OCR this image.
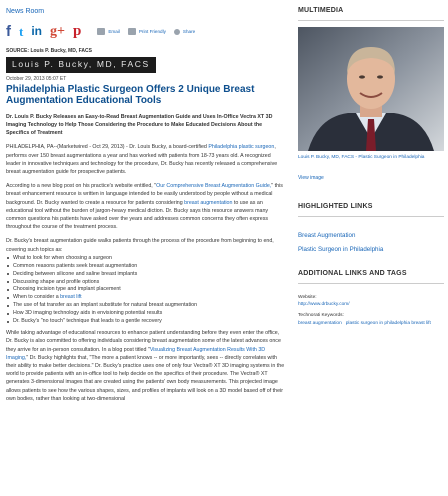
News Room
f t in g+ p	Email	Print Friendly	Share
SOURCE: Louis P. Bucky, MD, FACS
Louis P. Bucky, MD, FACS
October 29, 2013 05:07 ET
Philadelphia Plastic Surgeon Offers 2 Unique Breast Augmentation Educational Tools
Dr. Louis P. Bucky Releases an Easy-to-Read Breast Augmentation Guide and Uses In-Office Vectra XT 3D Imaging Technology to Help Those Considering the Procedure to Make Educated Decisions About the Specifics of Treatment

PHILADELPHIA, PA--(Marketwired - Oct 29, 2013) - Dr. Louis Bucky, a board-certified Philadelphia plastic surgeon, performs over 150 breast augmentations a year and has worked with patients from 18-73 years old. A recognized leader in innovative techniques and technology for the procedure, Dr. Bucky has recently released a comprehensive breast augmentation guide for prospective patients.

According to a new blog post on his practice's website entitled, "Our Comprehensive Breast Augmentation Guide," this breast enhancement resource is written in language intended to be easily understood by people without a medical background. Dr. Bucky wanted to create a resource for patients considering breast augmentation to use as an educational tool without the burden of jargon-heavy medical diction. Dr. Bucky says this resource answers many common questions his patients have asked over the years and addresses common concerns they often express throughout the course of the treatment process.

Dr. Bucky's breast augmentation guide walks patients through the process of the procedure from beginning to end, covering such topics as:

What to look for when choosing a surgeon
Common reasons patients seek breast augmentation
Deciding between silicone and saline breast implants
Discussing shape and profile options
Choosing incision type and implant placement
When to consider a breast lift
The use of fat transfer as an implant substitute for natural breast augmentation
How 3D imaging technology aids in envisioning potential results
Dr. Bucky's "no touch" technique that leads to a gentle recovery

While taking advantage of educational resources to enhance patient understanding before they even enter the office, Dr. Bucky is also committed to offering individuals considering breast augmentation some of the latest advances once they arrive for an in-person consultation. In a blog post titled "Visualizing Breast Augmentation Results With 3D Imaging," Dr. Bucky highlights that, "The more a patient knows -- or more importantly, sees -- directly correlates with their ability to make better decisions." Dr. Bucky's practice uses one of only four Vectra® XT 3D imaging systems in the world to provide patients with an in-office tool to help decide on the specifics of their procedure. The Vectra® XT generates 3-dimensional images that are created using the patients' own body measurements. This projected image allows patients to see how the various shapes, sizes, and profiles of implants will look on a 3D model based off of their own bodies, rather than looking at two-dimensional

MULTIMEDIA
Louis P. Bucky, MD, FACS - Plastic Surgeon in Philadelphia
View image
HIGHLIGHTED LINKS
Breast Augmentation
Plastic Surgeon in Philadelphia
ADDITIONAL LINKS AND TAGS
Website:
http://www.drbucky.com/
Technorati Keywords:
breast augmentation plastic surgeon in philadelphia breast lift
